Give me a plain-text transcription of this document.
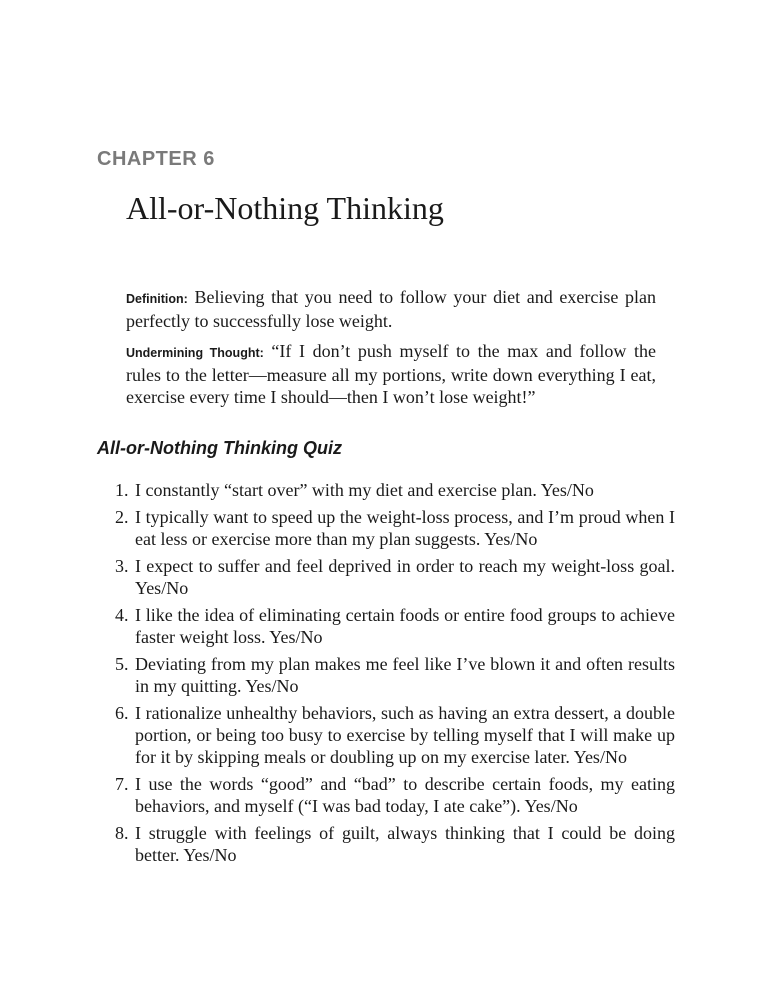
CHAPTER 6
All-or-Nothing Thinking

Definition: Believing that you need to follow your diet and exercise plan perfectly to successfully lose weight.

Undermining Thought: “If I don’t push myself to the max and follow the rules to the letter—measure all my portions, write down everything I eat, exercise every time I should—then I won’t lose weight!”

All-or-Nothing Thinking Quiz
1. I constantly “start over” with my diet and exercise plan. Yes/No
2. I typically want to speed up the weight-loss process, and I’m proud when I eat less or exercise more than my plan suggests. Yes/No
3. I expect to suffer and feel deprived in order to reach my weight-loss goal. Yes/No
4. I like the idea of eliminating certain foods or entire food groups to achieve faster weight loss. Yes/No
5. Deviating from my plan makes me feel like I’ve blown it and often results in my quitting. Yes/No
6. I rationalize unhealthy behaviors, such as having an extra dessert, a double portion, or being too busy to exercise by telling myself that I will make up for it by skipping meals or doubling up on my exercise later. Yes/No
7. I use the words “good” and “bad” to describe certain foods, my eating behaviors, and myself (“I was bad today, I ate cake”). Yes/No
8. I struggle with feelings of guilt, always thinking that I could be doing better. Yes/No
